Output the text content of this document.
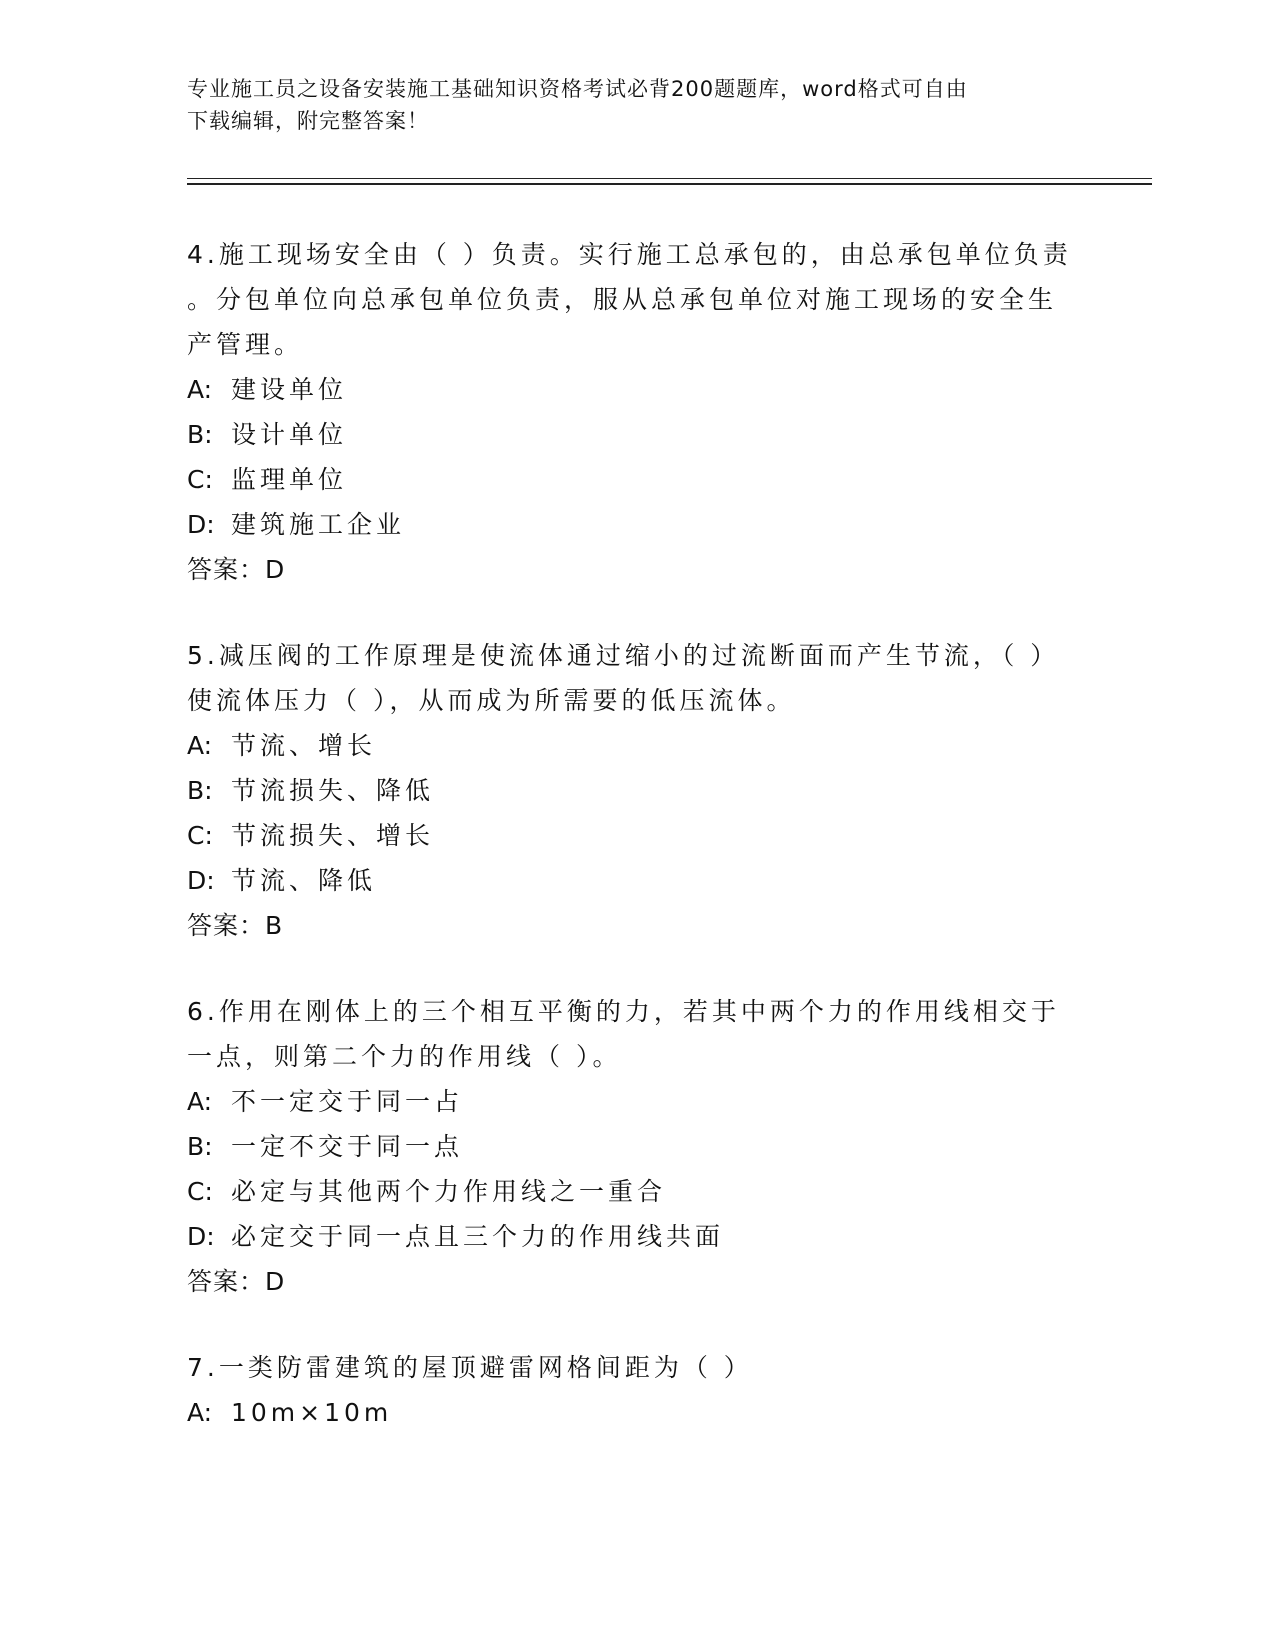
专业施工员之设备安装施工基础知识资格考试必背200题题库，word格式可自由
下载编辑，附完整答案！
4.施工现场安全由（ ）负责。实行施工总承包的，由总承包单位负责
。分包单位向总承包单位负责，服从总承包单位对施工现场的安全生
产管理。
A: 建设单位
B: 设计单位
C: 监理单位
D: 建筑施工企业
答案：D
5.减压阀的工作原理是使流体通过缩小的过流断面而产生节流，（ ）
使流体压力（ ），从而成为所需要的低压流体。
A: 节流、增长
B: 节流损失、降低
C: 节流损失、增长
D: 节流、降低
答案：B
6.作用在刚体上的三个相互平衡的力，若其中两个力的作用线相交于
一点，则第二个力的作用线（ ）。
A: 不一定交于同一占
B: 一定不交于同一点
C: 必定与其他两个力作用线之一重合
D: 必定交于同一点且三个力的作用线共面
答案：D
7.一类防雷建筑的屋顶避雷网格间距为（ ）
A: 10m×10m
